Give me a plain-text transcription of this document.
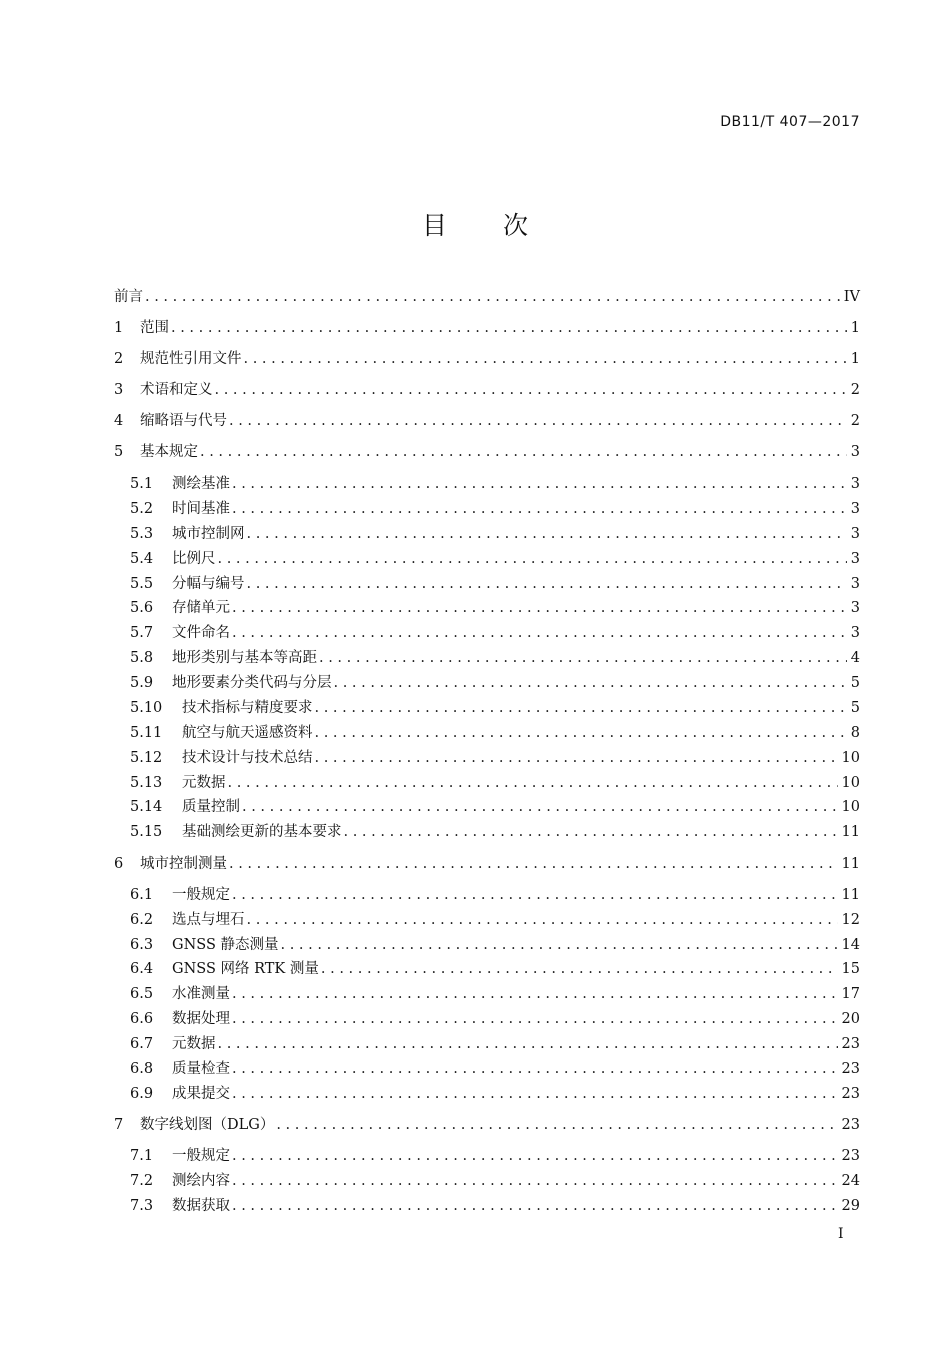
DB11/T 407—2017
目 次
前言 . . .	IV
1	范围 . . .	1
2	规范性引用文件 . . .	1
3	术语和定义 . . .	2
4	缩略语与代号 . . .	2
5	基本规定 . . .	3
5.1	测绘基准 . . .	3
5.2	时间基准 . . .	3
5.3	城市控制网 . . .	3
5.4	比例尺 . . .	3
5.5	分幅与编号 . . .	3
5.6	存储单元 . . .	3
5.7	文件命名 . . .	3
5.8	地形类别与基本等高距 . . .	4
5.9	地形要素分类代码与分层 . . .	5
5.10	技术指标与精度要求 . . .	5
5.11	航空与航天遥感资料 . . .	8
5.12	技术设计与技术总结 . . .	10
5.13	元数据 . . .	10
5.14	质量控制 . . .	10
5.15	基础测绘更新的基本要求 . . .	11
6	城市控制测量 . . .	11
6.1	一般规定 . . .	11
6.2	选点与埋石 . . .	12
6.3	GNSS 静态测量 . . .	14
6.4	GNSS 网络 RTK 测量 . . .	15
6.5	水准测量 . . .	17
6.6	数据处理 . . .	20
6.7	元数据 . . .	23
6.8	质量检查 . . .	23
6.9	成果提交 . . .	23
7	数字线划图（DLG） . . .	23
7.1	一般规定 . . .	23
7.2	测绘内容 . . .	24
7.3	数据获取 . . .	29
I
